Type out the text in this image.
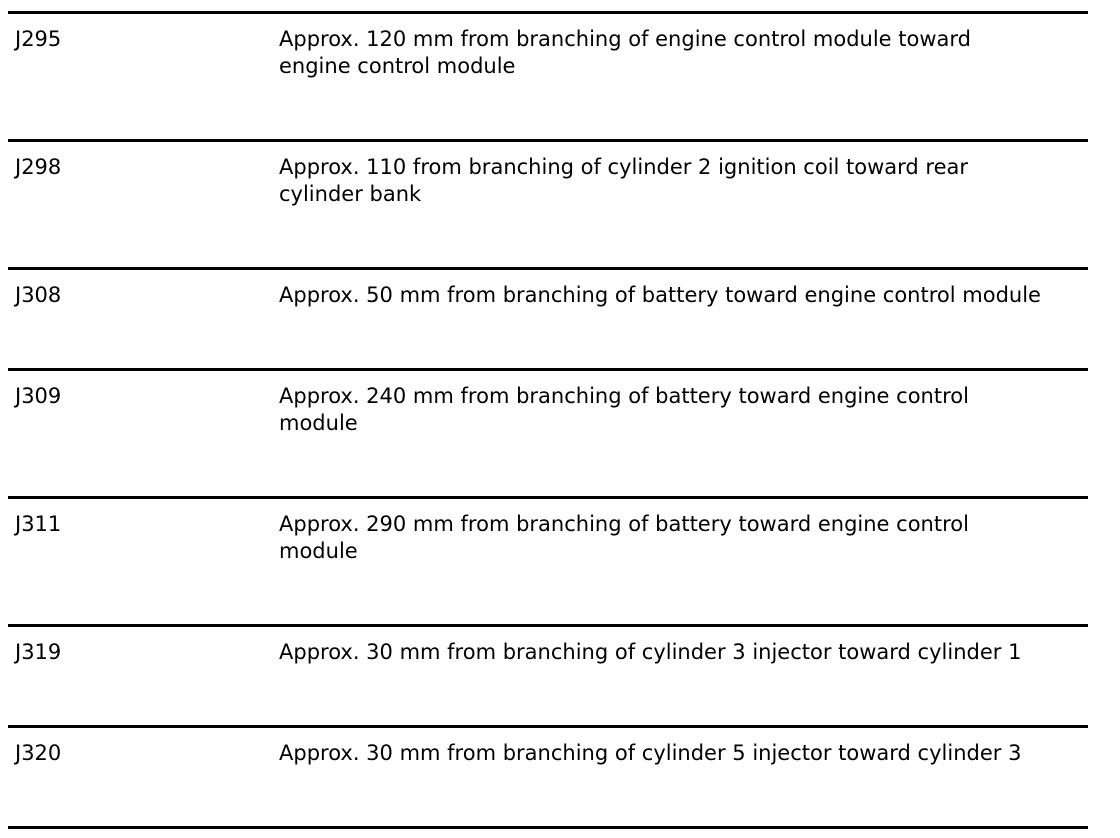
J295	Approx. 120 mm from branching of engine control module toward engine control module
J298	Approx. 110 from branching of cylinder 2 ignition coil toward rear cylinder bank
J308	Approx. 50 mm from branching of battery toward engine control module
J309	Approx. 240 mm from branching of battery toward engine control module
J311	Approx. 290 mm from branching of battery toward engine control module
J319	Approx. 30 mm from branching of cylinder 3 injector toward cylinder 1
J320	Approx. 30 mm from branching of cylinder 5 injector toward cylinder 3
